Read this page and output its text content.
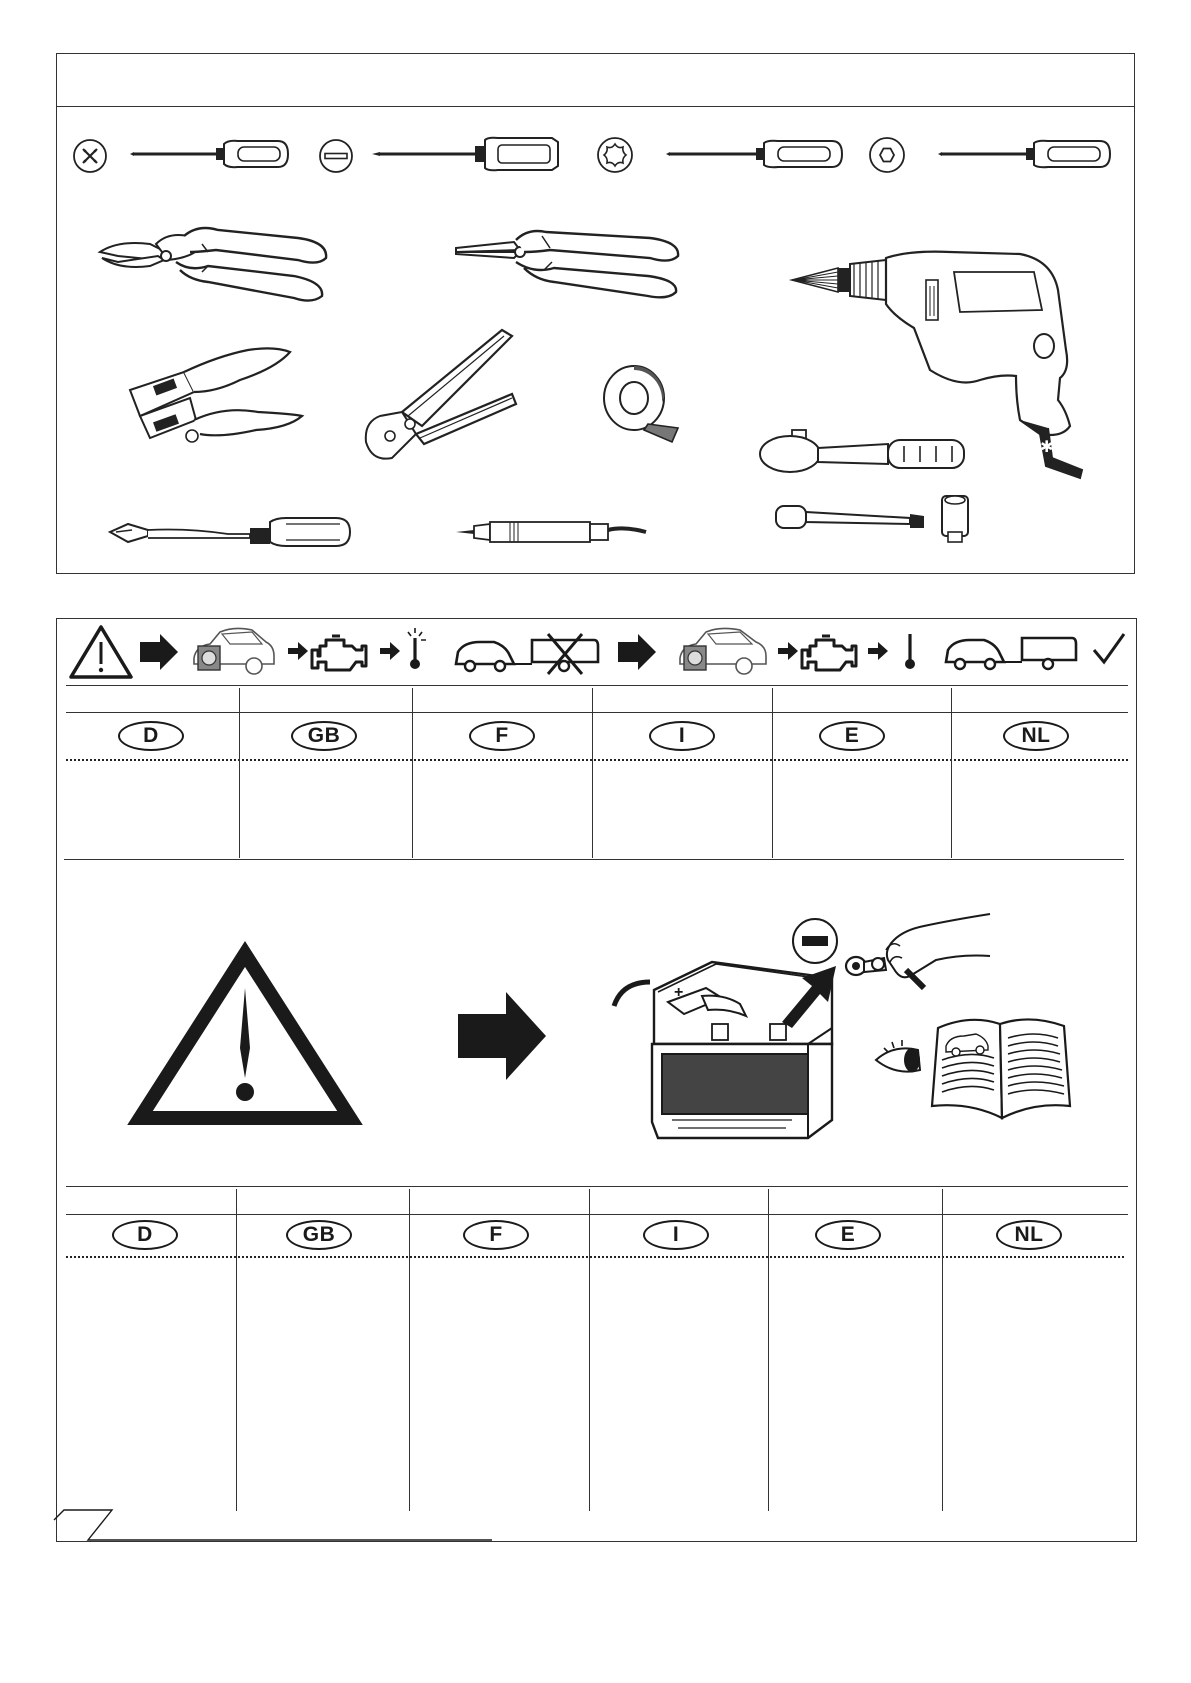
✱
D	GB	F	I	E	NL
+
D	GB	F	I	E	NL
